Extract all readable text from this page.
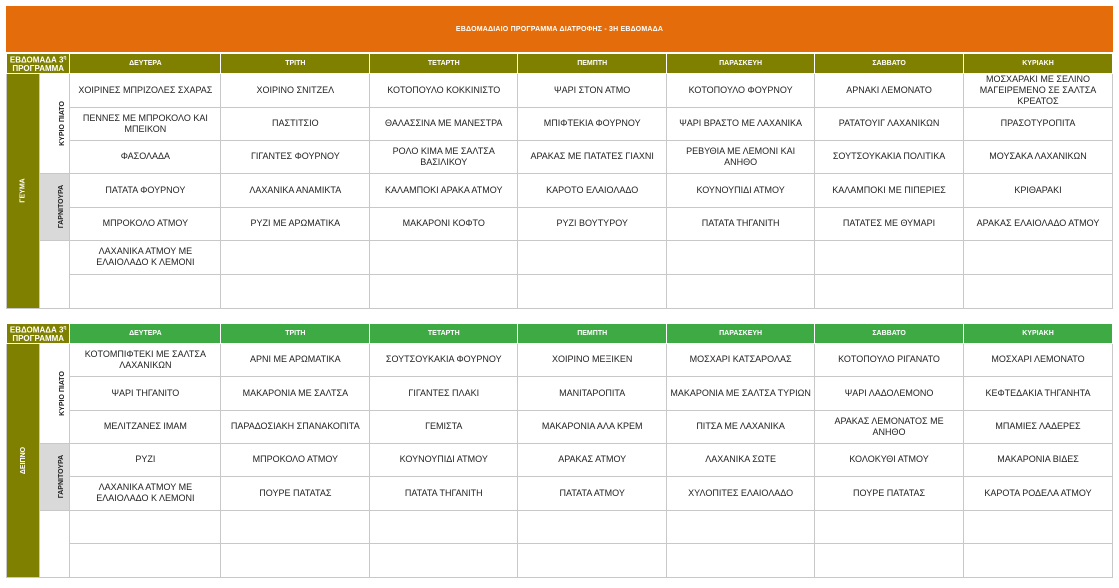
ΕΒΔΟΜΑΔΙΑΙΟ ΠΡΟΓΡΑΜΜΑ ΔΙΑΤΡΟΦΗΣ - 3Η ΕΒΔΟΜΑΔΑ
ΕΒΔΟΜΑΔΑ $3^\eta$
ΠΡΟΓΡΑΜΜΑ		ΔΕΥΤΕΡΑ	ΤΡΙΤΗ	ΤΕΤΑΡΤΗ	ΠΕΜΠΤΗ	ΠΑΡΑΣΚΕΥΗ	ΣΑΒΒΑΤΟ	ΚΥΡΙΑΚΗ
ΓΕΥΜΑ	ΚΥΡΙΟ ΠΙΑΤΟ	ΧΟΙΡΙΝΕΣ ΜΠΡΙΖΟΛΕΣ ΣΧΑΡΑΣ	ΧΟΙΡΙΝΟ ΣΝΙΤΖΕΛ	ΚΟΤΟΠΟΥΛΟ ΚΟΚΚΙΝΙΣΤΟ	ΨΑΡΙ ΣΤΟΝ ΑΤΜΟ	ΚΟΤΟΠΟΥΛΟ ΦΟΥΡΝΟΥ	ΑΡΝΑΚΙ ΛΕΜΟΝΑΤΟ	ΜΟΣΧΑΡΑΚΙ ΜΕ ΣΕΛΙΝΟ ΜΑΓΕΙΡΕΜΕΝΟ ΣΕ ΣΑΛΤΣΑ ΚΡΕΑΤΟΣ
		ΠΕΝΝΕΣ ΜΕ ΜΠΡΟΚΟΛΟ ΚΑΙ ΜΠΕΙΚΟΝ	ΠΑΣΤΙΤΣΙΟ	ΘΑΛΑΣΣΙΝΑ ΜΕ ΜΑΝΕΣΤΡΑ	ΜΠΙΦΤΕΚΙΑ ΦΟΥΡΝΟΥ	ΨΑΡΙ ΒΡΑΣΤΟ ΜΕ ΛΑΧΑΝΙΚΑ	ΡΑΤΑΤΟΥΙΓ ΛΑΧΑΝΙΚΩΝ	ΠΡΑΣΟΤΥΡΟΠΙΤΑ
		ΦΑΣΟΛΑΔΑ	ΓΙΓΑΝΤΕΣ ΦΟΥΡΝΟΥ	ΡΟΛΟ ΚΙΜΑ ΜΕ ΣΑΛΤΣΑ ΒΑΣΙΛΙΚΟΥ	ΑΡΑΚΑΣ ΜΕ ΠΑΤΑΤΕΣ ΓΙΑΧΝΙ	ΡΕΒΥΘΙΑ ΜΕ ΛΕΜΟΝΙ ΚΑΙ ΑΝΗΘΟ	ΣΟΥΤΣΟΥΚΑΚΙΑ ΠΟΛΙΤΙΚΑ	ΜΟΥΣΑΚΑ ΛΑΧΑΝΙΚΩΝ
	ΓΑΡΝΙΤΟΥΡΑ	ΠΑΤΑΤΑ ΦΟΥΡΝΟΥ	ΛΑΧΑΝΙΚΑ ΑΝΑΜΙΚΤΑ	ΚΑΛΑΜΠΟΚΙ ΑΡΑΚΑ ΑΤΜΟΥ	ΚΑΡΟΤΟ ΕΛΑΙΟΛΑΔΟ	ΚΟΥΝΟΥΠΙΔΙ ΑΤΜΟΥ	ΚΑΛΑΜΠΟΚΙ ΜΕ ΠΙΠΕΡΙΕΣ	ΚΡΙΘΑΡΑΚΙ
		ΜΠΡΟΚΟΛΟ ΑΤΜΟΥ	ΡΥΖΙ ΜΕ ΑΡΩΜΑΤΙΚΑ	ΜΑΚΑΡΟΝΙ ΚΟΦΤΟ	ΡΥΖΙ ΒΟΥΤΥΡΟΥ	ΠΑΤΑΤΑ ΤΗΓΑΝΙΤΗ	ΠΑΤΑΤΕΣ ΜΕ ΘΥΜΑΡΙ	ΑΡΑΚΑΣ ΕΛΑΙΟΛΑΔΟ ΑΤΜΟΥ
		ΛΑΧΑΝΙΚΑ ΑΤΜΟΥ ΜΕ ΕΛΑΙΟΛΑΔΟ Κ ΛΕΜΟΝΙ						

ΕΒΔΟΜΑΔΑ $3^\eta$
ΠΡΟΓΡΑΜΜΑ		ΔΕΥΤΕΡΑ	ΤΡΙΤΗ	ΤΕΤΑΡΤΗ	ΠΕΜΠΤΗ	ΠΑΡΑΣΚΕΥΗ	ΣΑΒΒΑΤΟ	ΚΥΡΙΑΚΗ
ΔΕΙΠΝΟ	ΚΥΡΙΟ ΠΙΑΤΟ	ΚΟΤΟΜΠΙΦΤΕΚΙ ΜΕ ΣΑΛΤΣΑ ΛΑΧΑΝΙΚΩΝ	ΑΡΝΙ ΜΕ ΑΡΩΜΑΤΙΚΑ	ΣΟΥΤΣΟΥΚΑΚΙΑ ΦΟΥΡΝΟΥ	ΧΟΙΡΙΝΟ ΜΕΞΙΚΕΝ	ΜΟΣΧΑΡΙ ΚΑΤΣΑΡΟΛΑΣ	ΚΟΤΟΠΟΥΛΟ ΡΙΓΑΝΑΤΟ	ΜΟΣΧΑΡΙ ΛΕΜΟΝΑΤΟ
		ΨΑΡΙ ΤΗΓΑΝΙΤΟ	ΜΑΚΑΡΟΝΙΑ ΜΕ ΣΑΛΤΣΑ	ΓΙΓΑΝΤΕΣ ΠΛΑΚΙ	ΜΑΝΙΤΑΡΟΠΙΤΑ	ΜΑΚΑΡΟΝΙΑ ΜΕ ΣΑΛΤΣΑ ΤΥΡΙΩΝ	ΨΑΡΙ ΛΑΔΟΛΕΜΟΝΟ	ΚΕΦΤΕΔΑΚΙΑ ΤΗΓΑΝΗΤΑ
		ΜΕΛΙΤΖΑΝΕΣ ΙΜΑΜ	ΠΑΡΑΔΟΣΙΑΚΗ ΣΠΑΝΑΚΟΠΙΤΑ	ΓΕΜΙΣΤΑ	ΜΑΚΑΡΟΝΙΑ ΑΛΑ ΚΡΕΜ	ΠΙΤΣΑ ΜΕ ΛΑΧΑΝΙΚΑ	ΑΡΑΚΑΣ ΛΕΜΟΝΑΤΟΣ ΜΕ ΑΝΗΘΟ	ΜΠΑΜΙΕΣ ΛΑΔΕΡΕΣ
	ΓΑΡΝΙΤΟΥΡΑ	ΡΥΖΙ	ΜΠΡΟΚΟΛΟ ΑΤΜΟΥ	ΚΟΥΝΟΥΠΙΔΙ ΑΤΜΟΥ	ΑΡΑΚΑΣ ΑΤΜΟΥ	ΛΑΧΑΝΙΚΑ ΣΩΤΕ	ΚΟΛΟΚΥΘΙ ΑΤΜΟΥ	ΜΑΚΑΡΟΝΙΑ ΒΙΔΕΣ
		ΛΑΧΑΝΙΚΑ ΑΤΜΟΥ ΜΕ ΕΛΑΙΟΛΑΔΟ Κ ΛΕΜΟΝΙ	ΠΟΥΡΕ ΠΑΤΑΤΑΣ	ΠΑΤΑΤΑ ΤΗΓΑΝΙΤΗ	ΠΑΤΑΤΑ ΑΤΜΟΥ	ΧΥΛΟΠΙΤΕΣ ΕΛΑΙΟΛΑΔΟ	ΠΟΥΡΕ ΠΑΤΑΤΑΣ	ΚΑΡΟΤΑ ΡΟΔΕΛΑ ΑΤΜΟΥ
